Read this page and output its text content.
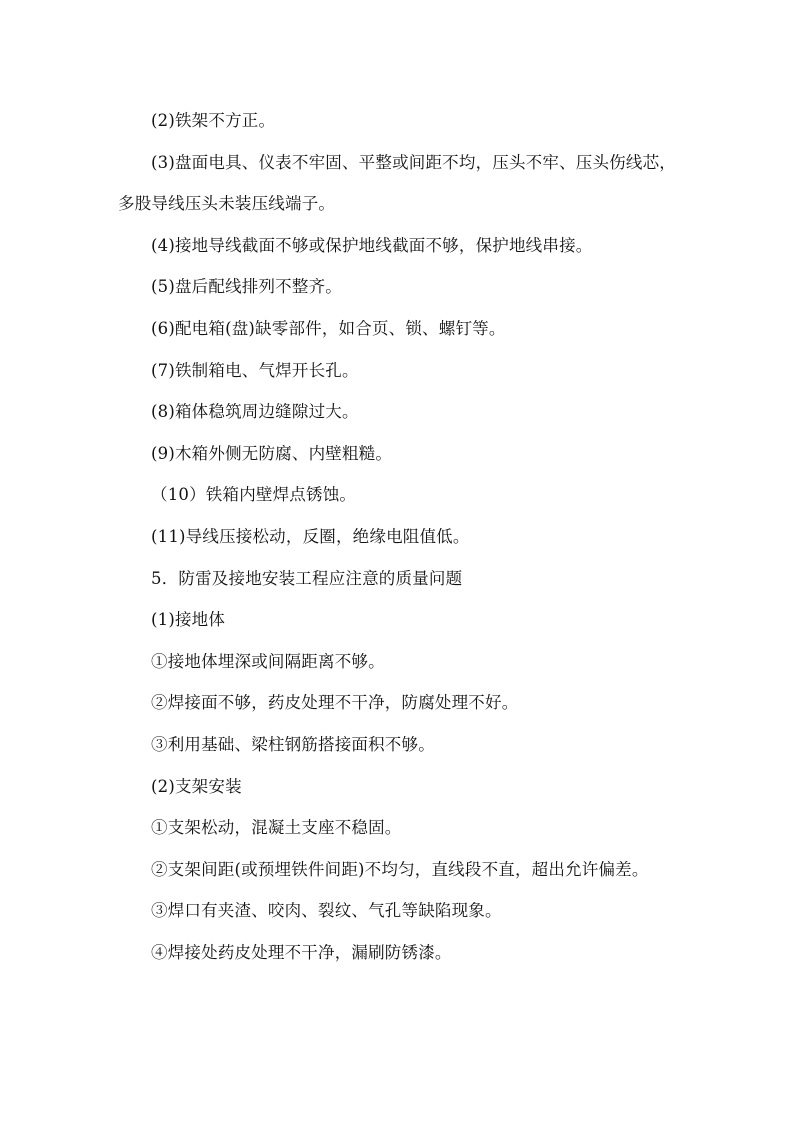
(2)铁架不方正。

(3)盘面电具、仪表不牢固、平整或间距不均，压头不牢、压头伤线芯，多股导线压头未装压线端子。

(4)接地导线截面不够或保护地线截面不够，保护地线串接。

(5)盘后配线排列不整齐。

(6)配电箱(盘)缺零部件，如合页、锁、螺钉等。

(7)铁制箱电、气焊开长孔。

(8)箱体稳筑周边缝隙过大。

(9)木箱外侧无防腐、内壁粗糙。

（10）铁箱内壁焊点锈蚀。

(11)导线压接松动，反圈，绝缘电阻值低。

5．防雷及接地安装工程应注意的质量问题

(1)接地体

①接地体埋深或间隔距离不够。

②焊接面不够，药皮处理不干净，防腐处理不好。

③利用基础、梁柱钢筋搭接面积不够。

(2)支架安装

①支架松动，混凝土支座不稳固。

②支架间距(或预埋铁件间距)不均匀，直线段不直，超出允许偏差。

③焊口有夹渣、咬肉、裂纹、气孔等缺陷现象。

④焊接处药皮处理不干净，漏刷防锈漆。
